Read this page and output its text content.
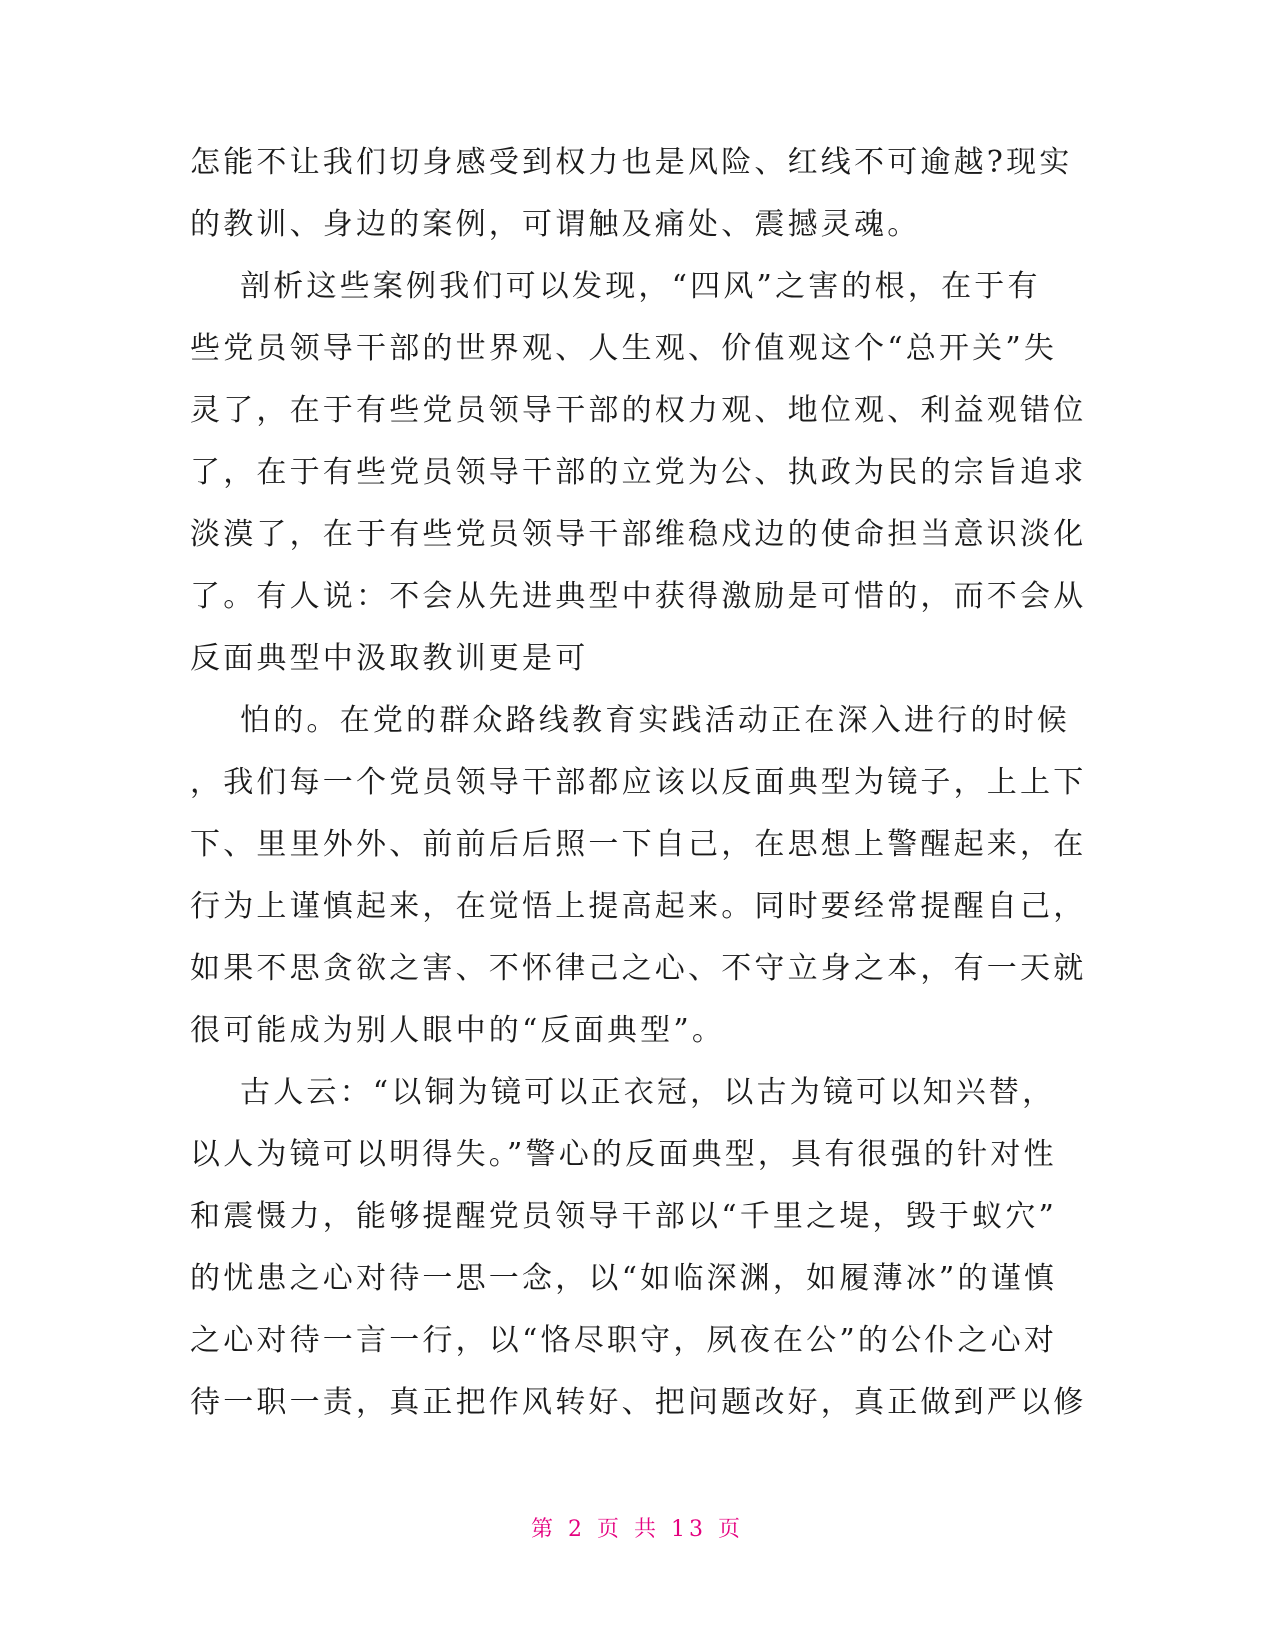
怎能不让我们切身感受到权力也是风险、红线不可逾越?现实
的教训、身边的案例，可谓触及痛处、震撼灵魂。
剖析这些案例我们可以发现，“四风”之害的根，在于有
些党员领导干部的世界观、人生观、价值观这个“总开关”失
灵了，在于有些党员领导干部的权力观、地位观、利益观错位
了，在于有些党员领导干部的立党为公、执政为民的宗旨追求
淡漠了，在于有些党员领导干部维稳戍边的使命担当意识淡化
了。有人说：不会从先进典型中获得激励是可惜的，而不会从
反面典型中汲取教训更是可
怕的。在党的群众路线教育实践活动正在深入进行的时候
，我们每一个党员领导干部都应该以反面典型为镜子，上上下
下、里里外外、前前后后照一下自己，在思想上警醒起来，在
行为上谨慎起来，在觉悟上提高起来。同时要经常提醒自己，
如果不思贪欲之害、不怀律己之心、不守立身之本，有一天就
很可能成为别人眼中的“反面典型”。
古人云：“以铜为镜可以正衣冠，以古为镜可以知兴替，
以人为镜可以明得失。”警心的反面典型，具有很强的针对性
和震慑力，能够提醒党员领导干部以“千里之堤，毁于蚁穴”
的忧患之心对待一思一念，以“如临深渊，如履薄冰”的谨慎
之心对待一言一行，以“恪尽职守，夙夜在公”的公仆之心对
待一职一责，真正把作风转好、把问题改好，真正做到严以修
第 2 页 共 13 页
